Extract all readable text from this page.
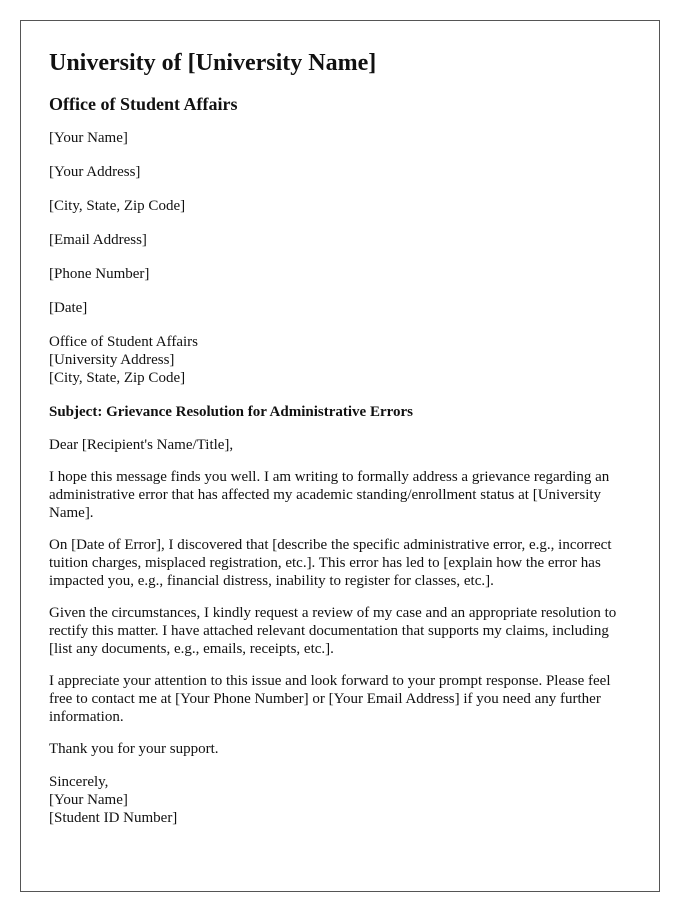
University of [University Name]
Office of Student Affairs
[Your Name]
[Your Address]
[City, State, Zip Code]
[Email Address]
[Phone Number]
[Date]
Office of Student Affairs
[University Address]
[City, State, Zip Code]
Subject: Grievance Resolution for Administrative Errors
Dear [Recipient's Name/Title],
I hope this message finds you well. I am writing to formally address a grievance regarding an administrative error that has affected my academic standing/enrollment status at [University Name].
On [Date of Error], I discovered that [describe the specific administrative error, e.g., incorrect tuition charges, misplaced registration, etc.]. This error has led to [explain how the error has impacted you, e.g., financial distress, inability to register for classes, etc.].
Given the circumstances, I kindly request a review of my case and an appropriate resolution to rectify this matter. I have attached relevant documentation that supports my claims, including [list any documents, e.g., emails, receipts, etc.].
I appreciate your attention to this issue and look forward to your prompt response. Please feel free to contact me at [Your Phone Number] or [Your Email Address] if you need any further information.
Thank you for your support.
Sincerely,
[Your Name]
[Student ID Number]
